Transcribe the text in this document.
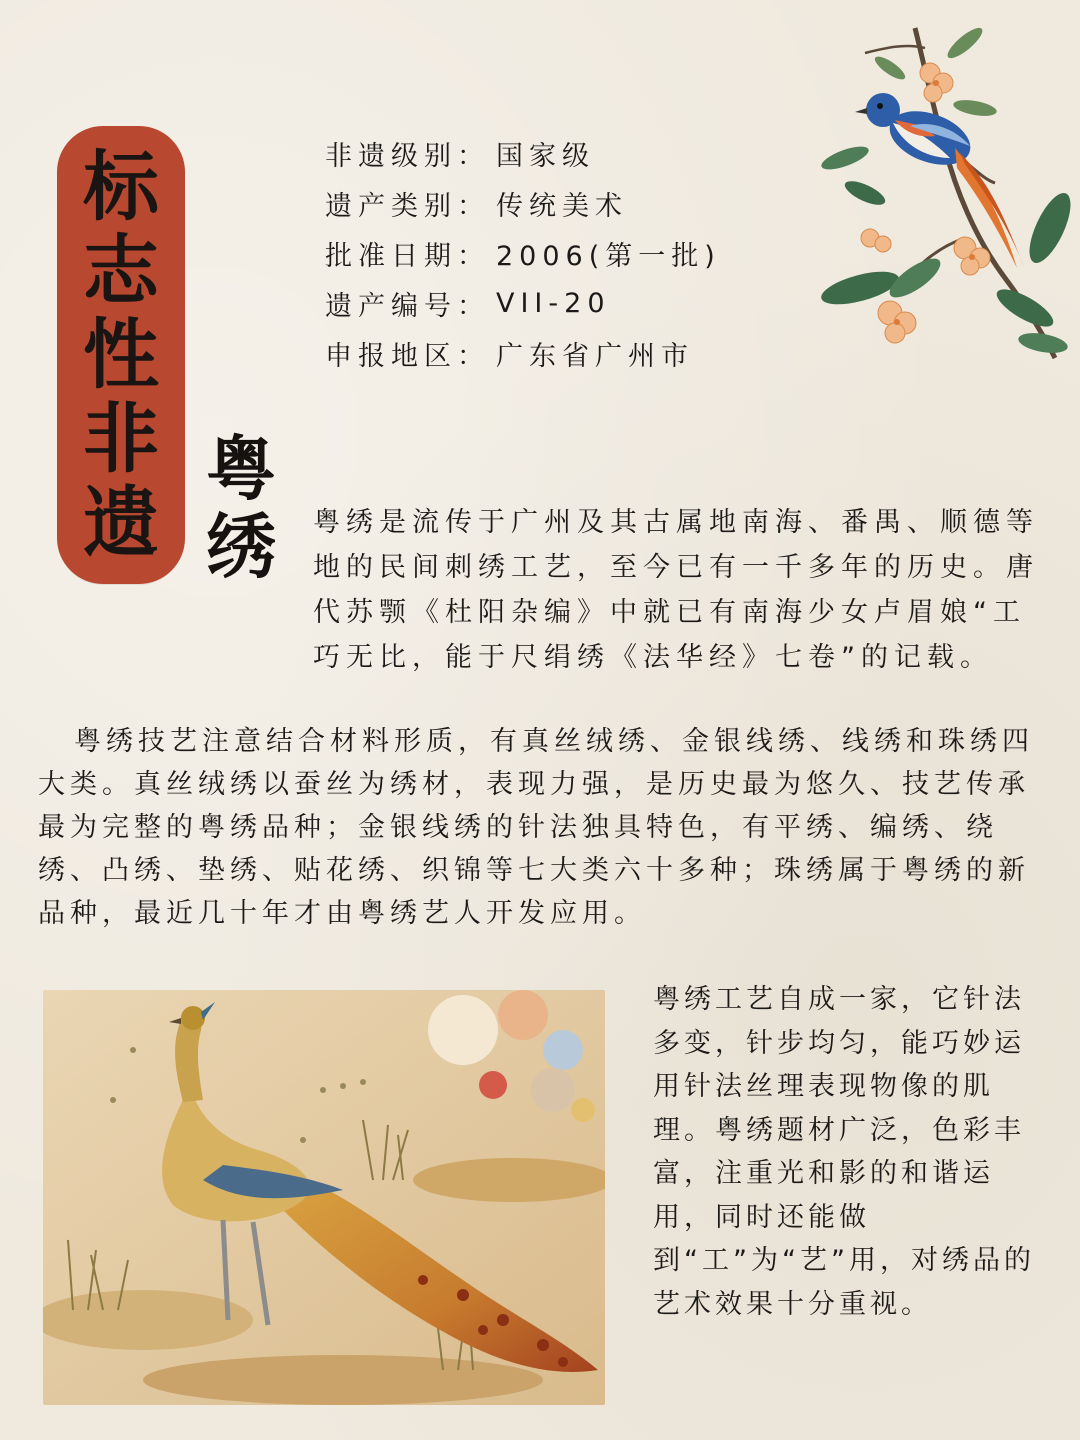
标
志
性
非
遗
粤
绣
非遗级别： 国家级
遗产类别： 传统美术
批准日期： 2006(第一批)
遗产编号： VII-20
申报地区： 广东省广州市
粤绣是流传于广州及其古属地南海、番禺、顺德等地的民间刺绣工艺，至今已有一千多年的历史。唐代苏颚《杜阳杂编》中就已有南海少女卢眉娘“工巧无比，能于尺绢绣《法华经》七卷”的记载。
粤绣技艺注意结合材料形质，有真丝绒绣、金银线绣、线绣和珠绣四大类。真丝绒绣以蚕丝为绣材，表现力强，是历史最为悠久、技艺传承最为完整的粤绣品种；金银线绣的针法独具特色，有平绣、编绣、绕绣、凸绣、垫绣、贴花绣、织锦等七大类六十多种；珠绣属于粤绣的新品种，最近几十年才由粤绣艺人开发应用。
粤绣工艺自成一家，它针法多变，针步均匀，能巧妙运用针法丝理表现物像的肌理。粤绣题材广泛，色彩丰富，注重光和影的和谐运用，同时还能做到“工”为“艺”用，对绣品的艺术效果十分重视。
